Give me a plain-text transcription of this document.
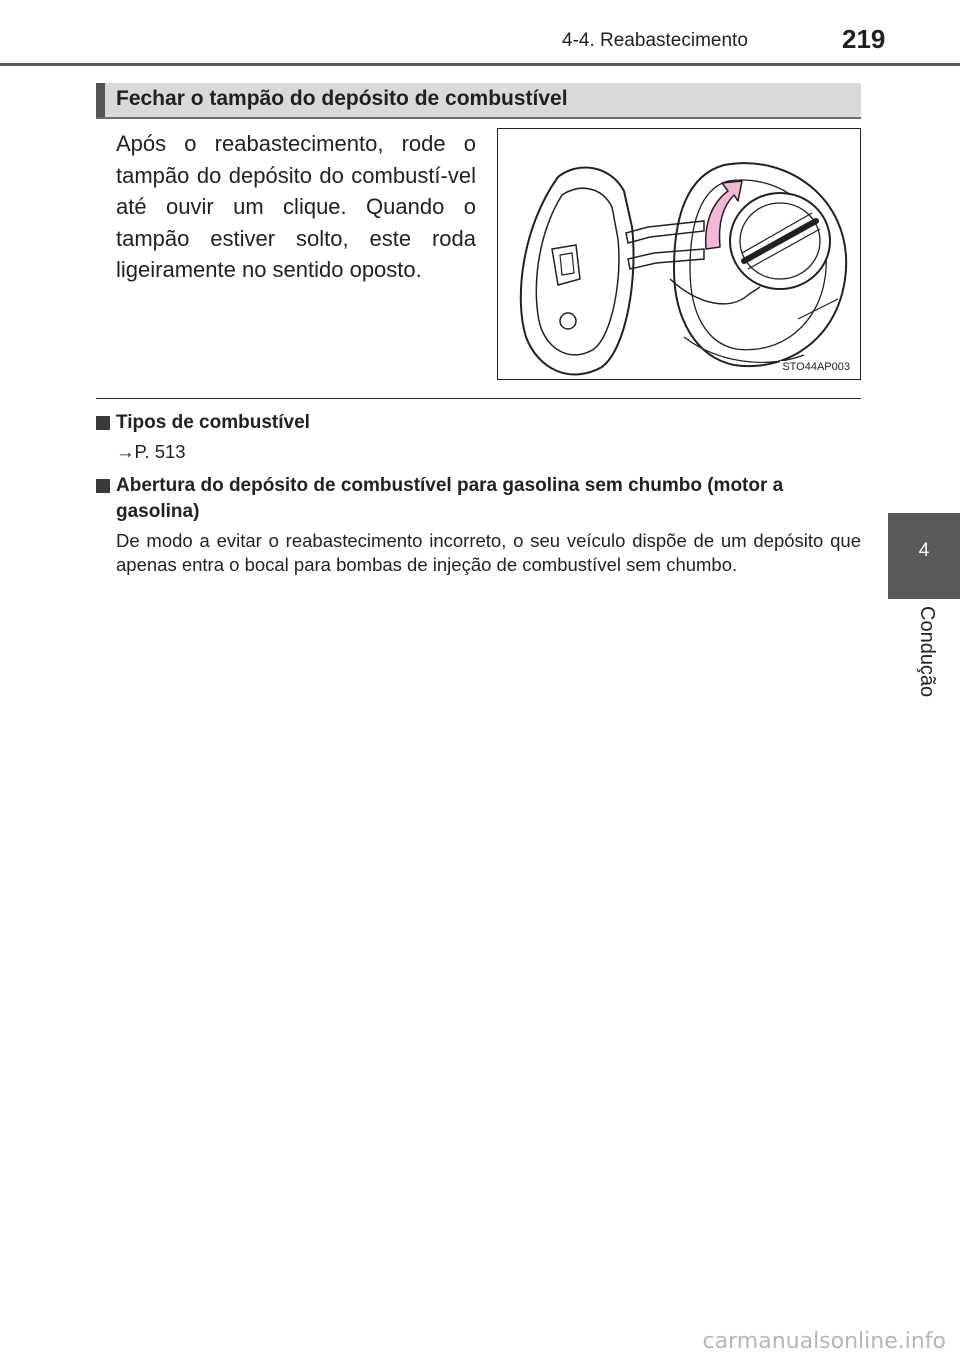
4-4. Reabastecimento	219
Fechar o tampão do depósito de combustível
Após o reabastecimento, rode o tampão do depósito do combustí-vel até ouvir um clique. Quando o tampão estiver solto, este roda ligeiramente no sentido oposto.
STO44AP003
Tipos de combustível
→P. 513
Abertura do depósito de combustível para gasolina sem chumbo (motor a gasolina)
De modo a evitar o reabastecimento incorreto, o seu veículo dispõe de um depósito que apenas entra o bocal para bombas de injeção de combustível sem chumbo.
4
Condução
carmanualsonline.info
